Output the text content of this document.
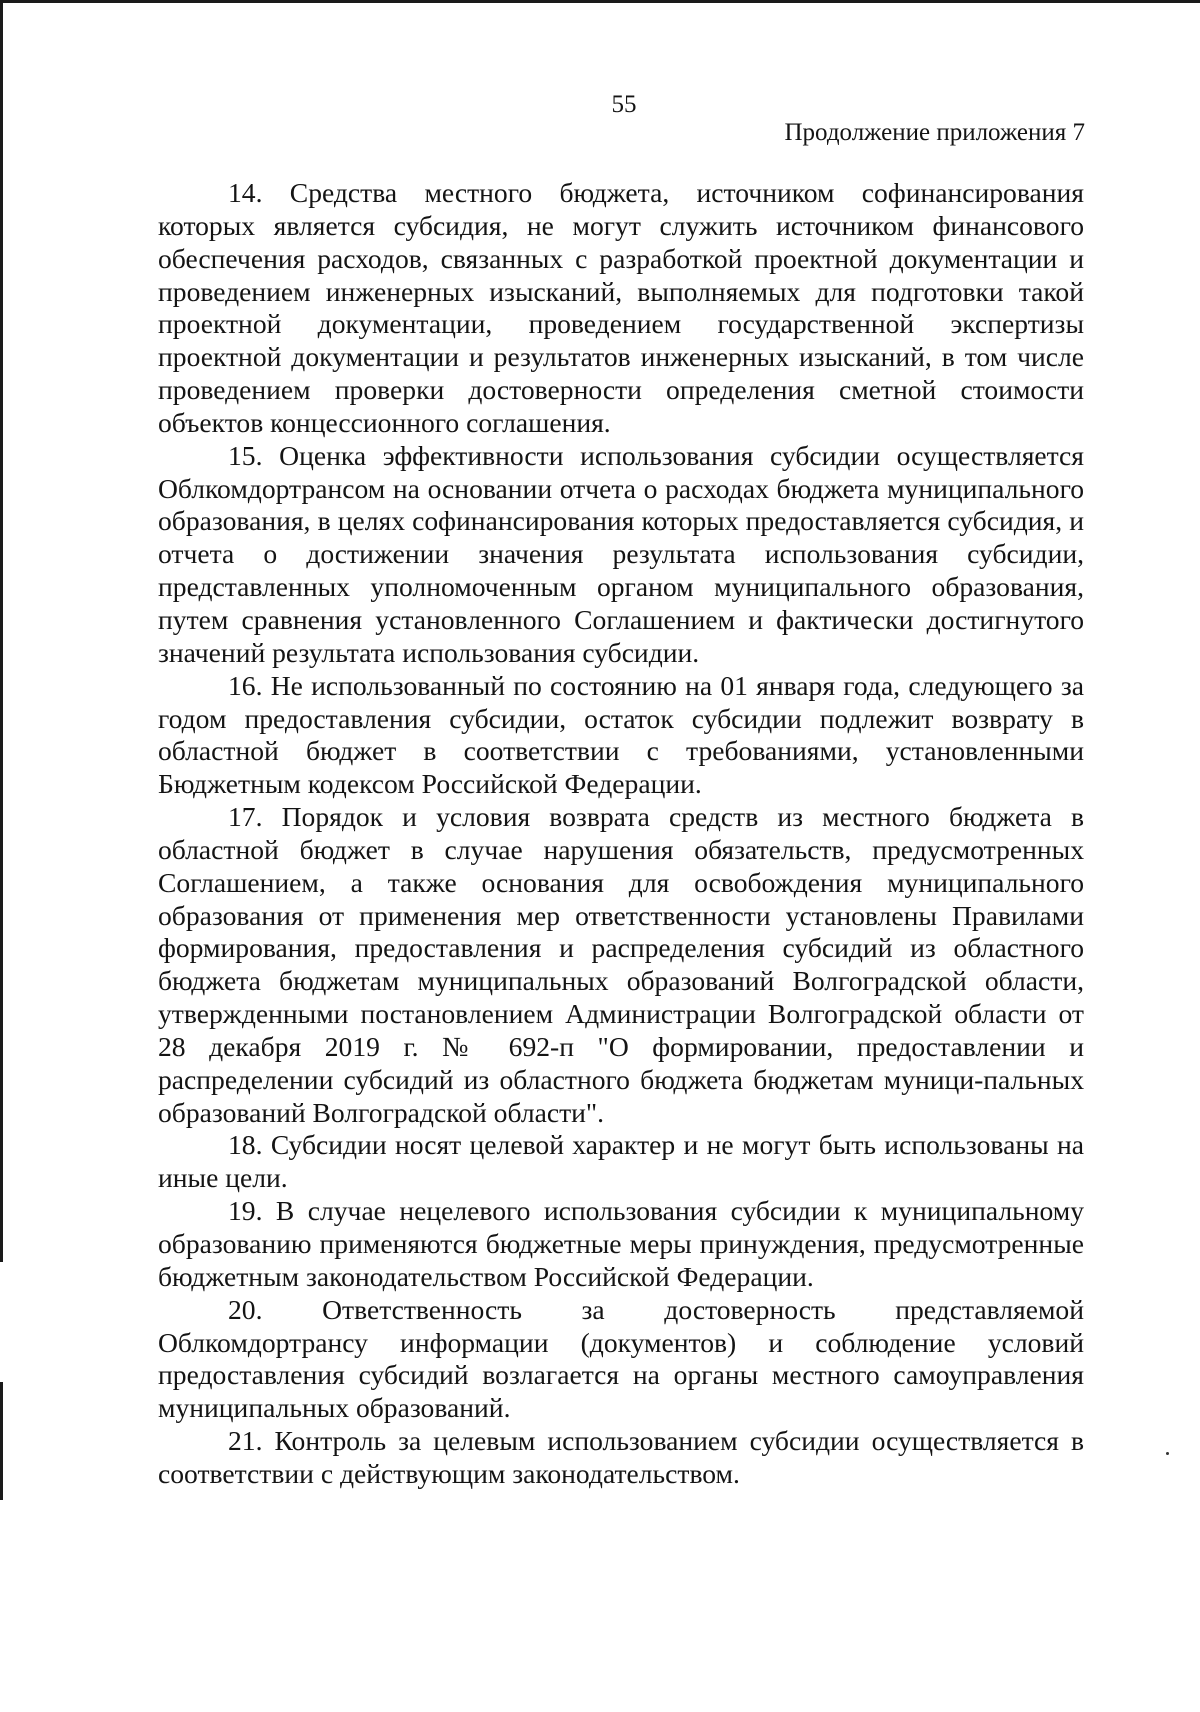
55
Продолжение приложения 7

14. Средства местного бюджета, источником софинансирования которых является субсидия, не могут служить источником финансового обеспечения расходов, связанных с разработкой проектной документации и проведением инженерных изысканий, выполняемых для подготовки такой проектной документации, проведением государственной экспертизы проектной документации и результатов инженерных изысканий, в том числе проведением проверки достоверности определения сметной стоимости объектов концессионного соглашения.

15. Оценка эффективности использования субсидии осуществляется Облкомдортрансом на основании отчета о расходах бюджета муниципального образования, в целях софинансирования которых предоставляется субсидия, и отчета о достижении значения результата использования субсидии, представленных уполномоченным органом муниципального образования, путем сравнения установленного Соглашением и фактически достигнутого значений результата использования субсидии.

16. Не использованный по состоянию на 01 января года, следующего за годом предоставления субсидии, остаток субсидии подлежит возврату в областной бюджет в соответствии с требованиями, установленными Бюджетным кодексом Российской Федерации.

17. Порядок и условия возврата средств из местного бюджета в областной бюджет в случае нарушения обязательств, предусмотренных Соглашением, а также основания для освобождения муниципального образования от применения мер ответственности установлены Правилами формирования, предоставления и распределения субсидий из областного бюджета бюджетам муниципальных образований Волгоградской области, утвержденными постановлением Администрации Волгоградской области от 28 декабря 2019 г. № 692-п "О формировании, предоставлении и распределении субсидий из областного бюджета бюджетам муници-пальных образований Волгоградской области".

18. Субсидии носят целевой характер и не могут быть использованы на иные цели.

19. В случае нецелевого использования субсидии к муниципальному образованию применяются бюджетные меры принуждения, предусмотренные бюджетным законодательством Российской Федерации.

20. Ответственность за достоверность представляемой Облкомдортрансу информации (документов) и соблюдение условий предоставления субсидий возлагается на органы местного самоуправления муниципальных образований.

21. Контроль за целевым использованием субсидии осуществляется в соответствии с действующим законодательством.
